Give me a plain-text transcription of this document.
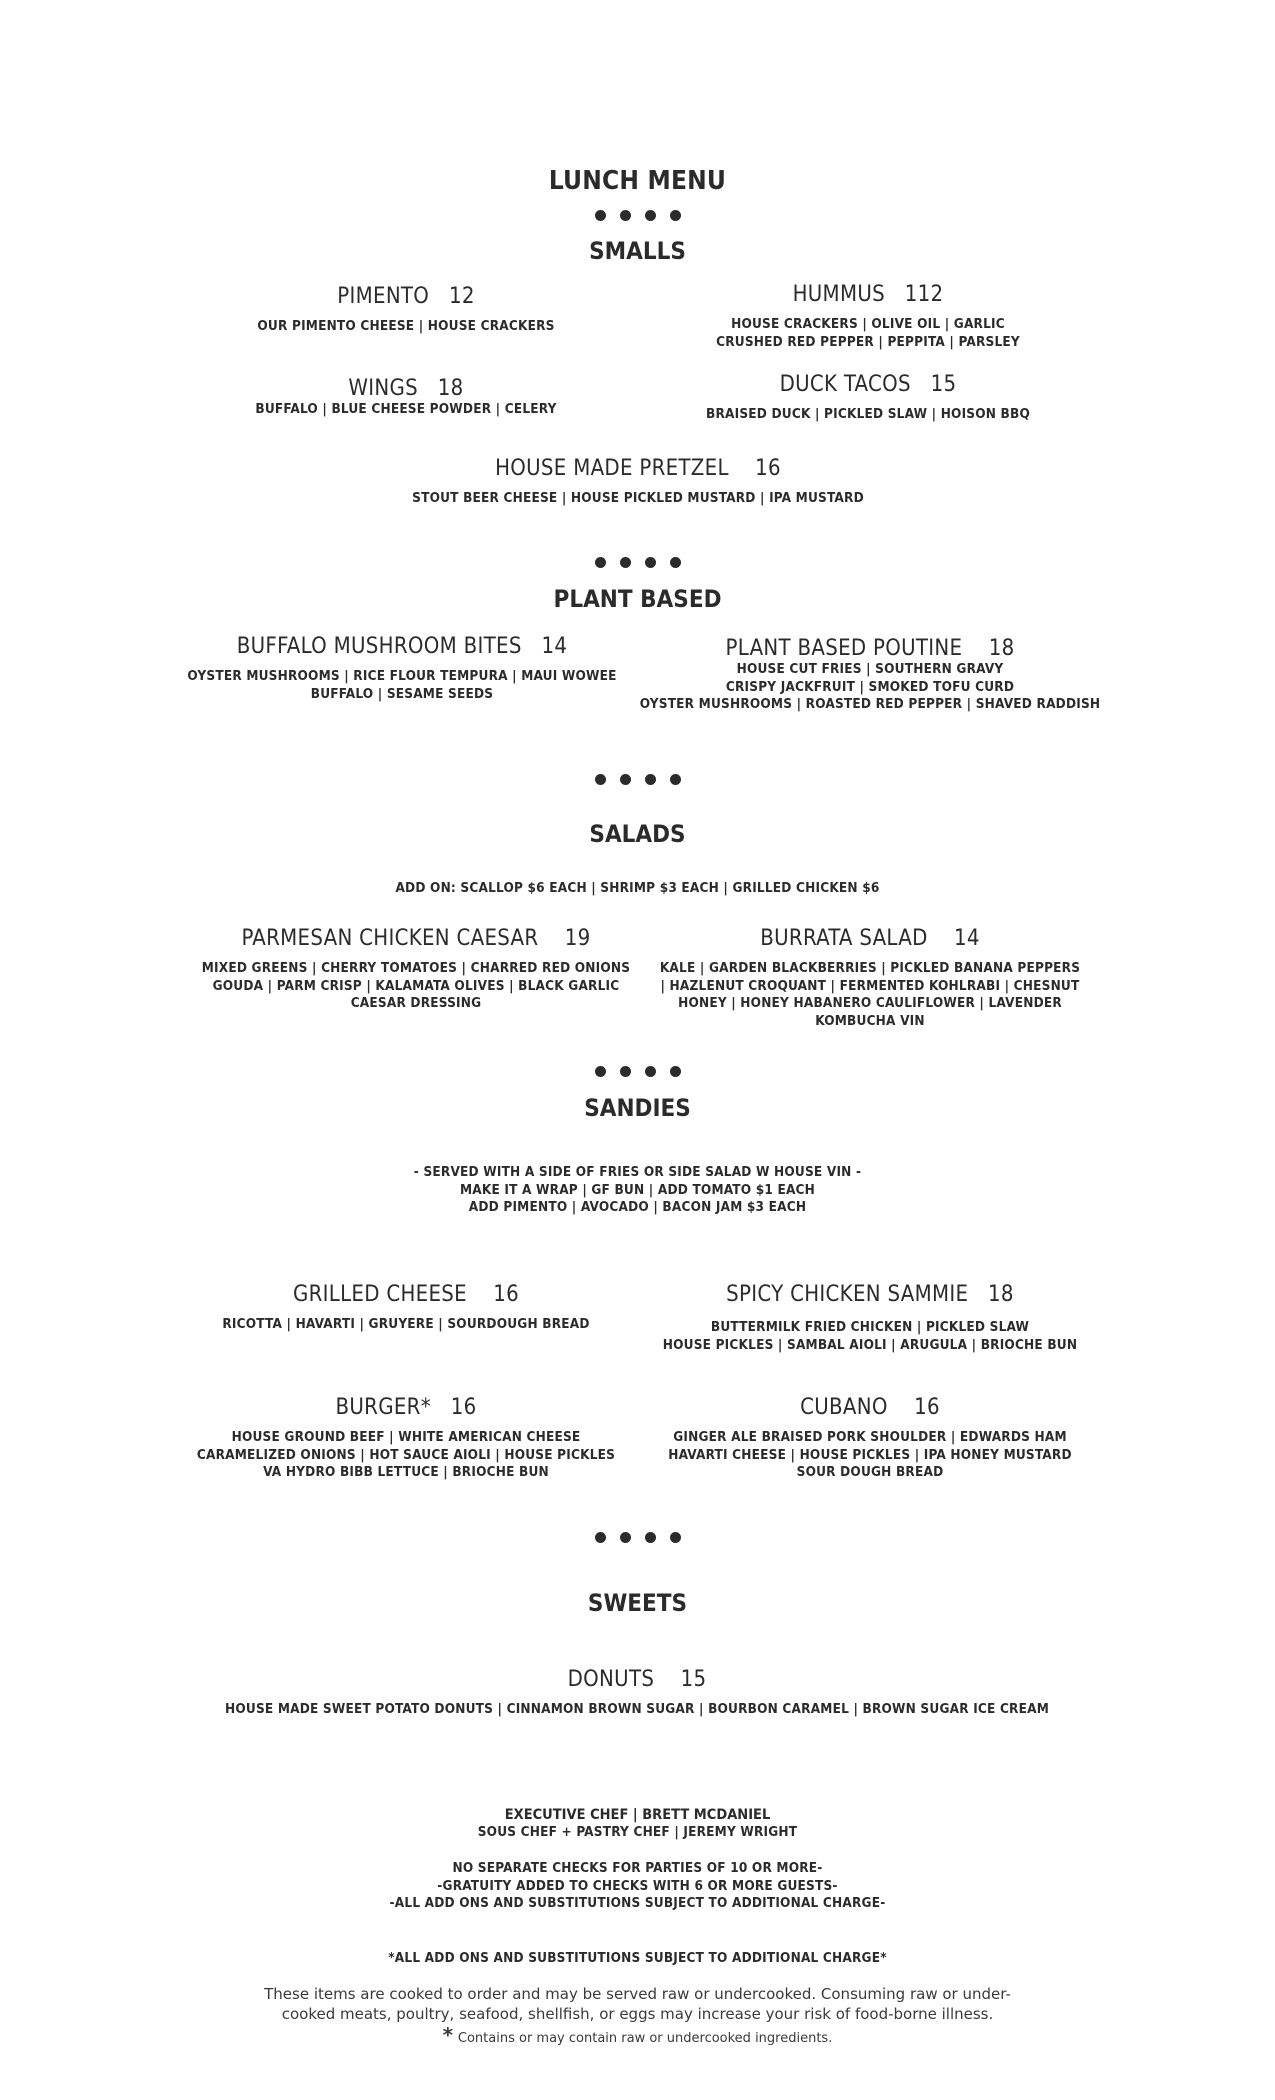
LUNCH MENU
SMALLS
PIMENTO 12
OUR PIMENTO CHEESE | HOUSE CRACKERS
HUMMUS 112
HOUSE CRACKERS | OLIVE OIL | GARLIC
CRUSHED RED PEPPER | PEPPITA | PARSLEY
WINGS 18
BUFFALO | BLUE CHEESE POWDER | CELERY
DUCK TACOS 15
BRAISED DUCK | PICKLED SLAW | HOISON BBQ
HOUSE MADE PRETZEL 16
STOUT BEER CHEESE | HOUSE PICKLED MUSTARD | IPA MUSTARD
PLANT BASED
BUFFALO MUSHROOM BITES 14
OYSTER MUSHROOMS | RICE FLOUR TEMPURA | MAUI WOWEE
BUFFALO | SESAME SEEDS
PLANT BASED POUTINE 18
HOUSE CUT FRIES | SOUTHERN GRAVY
CRISPY JACKFRUIT | SMOKED TOFU CURD
OYSTER MUSHROOMS | ROASTED RED PEPPER | SHAVED RADDISH
SALADS
ADD ON: SCALLOP $6 EACH | SHRIMP $3 EACH | GRILLED CHICKEN $6
PARMESAN CHICKEN CAESAR 19
MIXED GREENS | CHERRY TOMATOES | CHARRED RED ONIONS
GOUDA | PARM CRISP | KALAMATA OLIVES | BLACK GARLIC
CAESAR DRESSING
BURRATA SALAD 14
KALE | GARDEN BLACKBERRIES | PICKLED BANANA PEPPERS
| HAZLENUT CROQUANT | FERMENTED KOHLRABI | CHESNUT
HONEY | HONEY HABANERO CAULIFLOWER | LAVENDER
KOMBUCHA VIN
SANDIES
- SERVED WITH A SIDE OF FRIES OR SIDE SALAD W HOUSE VIN -
MAKE IT A WRAP | GF BUN | ADD TOMATO $1 EACH
ADD PIMENTO | AVOCADO | BACON JAM $3 EACH
GRILLED CHEESE 16
RICOTTA | HAVARTI | GRUYERE | SOURDOUGH BREAD
SPICY CHICKEN SAMMIE 18
BUTTERMILK FRIED CHICKEN | PICKLED SLAW
HOUSE PICKLES | SAMBAL AIOLI | ARUGULA | BRIOCHE BUN
BURGER* 16
HOUSE GROUND BEEF | WHITE AMERICAN CHEESE
CARAMELIZED ONIONS | HOT SAUCE AIOLI | HOUSE PICKLES
VA HYDRO BIBB LETTUCE | BRIOCHE BUN
CUBANO 16
GINGER ALE BRAISED PORK SHOULDER | EDWARDS HAM
HAVARTI CHEESE | HOUSE PICKLES | IPA HONEY MUSTARD
SOUR DOUGH BREAD
SWEETS
DONUTS 15
HOUSE MADE SWEET POTATO DONUTS | CINNAMON BROWN SUGAR | BOURBON CARAMEL | BROWN SUGAR ICE CREAM
EXECUTIVE CHEF | BRETT MCDANIEL
SOUS CHEF + PASTRY CHEF | JEREMY WRIGHT
NO SEPARATE CHECKS FOR PARTIES OF 10 OR MORE-
-GRATUITY ADDED TO CHECKS WITH 6 OR MORE GUESTS-
-ALL ADD ONS AND SUBSTITUTIONS SUBJECT TO ADDITIONAL CHARGE-
*ALL ADD ONS AND SUBSTITUTIONS SUBJECT TO ADDITIONAL CHARGE*
These items are cooked to order and may be served raw or undercooked. Consuming raw or under-
cooked meats, poultry, seafood, shellfish, or eggs may increase your risk of food-borne illness.
* Contains or may contain raw or undercooked ingredients.
